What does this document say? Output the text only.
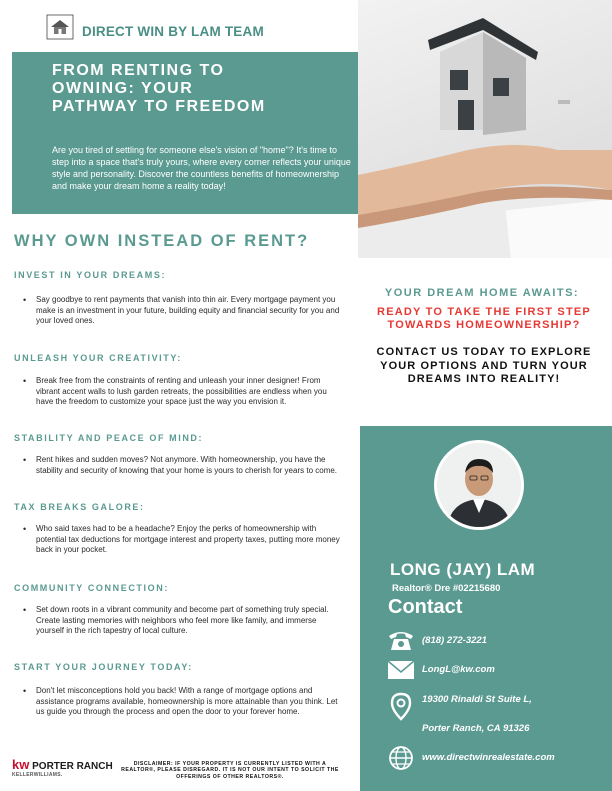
DIRECT WIN BY LAM TEAM
FROM RENTING TO OWNING: YOUR PATHWAY TO FREEDOM
Are you tired of settling for someone else's vision of "home"? It's time to step into a space that's truly yours, where every corner reflects your unique style and personality. Discover the countless benefits of homeownership and make your dream home a reality today!
WHY OWN INSTEAD OF RENT?
INVEST IN YOUR DREAMS:
• Say goodbye to rent payments that vanish into thin air. Every mortgage payment you make is an investment in your future, building equity and financial security for you and your loved ones.
UNLEASH YOUR CREATIVITY:
• Break free from the constraints of renting and unleash your inner designer! From vibrant accent walls to lush garden retreats, the possibilities are endless when you have the freedom to customize your space just the way you envision it.
STABILITY AND PEACE OF MIND:
• Rent hikes and sudden moves? Not anymore. With homeownership, you have the stability and security of knowing that your home is yours to cherish for years to come.
TAX BREAKS GALORE:
• Who said taxes had to be a headache? Enjoy the perks of homeownership with potential tax deductions for mortgage interest and property taxes, putting more money back in your pocket.
COMMUNITY CONNECTION:
• Set down roots in a vibrant community and become part of something truly special. Create lasting memories with neighbors who feel more like family, and immerse yourself in the rich tapestry of local culture.
START YOUR JOURNEY TODAY:
• Don't let misconceptions hold you back! With a range of mortgage options and assistance programs available, homeownership is more attainable than you think. Let us guide you through the process and open the door to your forever home.
YOUR DREAM HOME AWAITS:
READY TO TAKE THE FIRST STEP TOWARDS HOMEOWNERSHIP?
CONTACT US TODAY TO EXPLORE YOUR OPTIONS AND TURN YOUR DREAMS INTO REALITY!
LONG (JAY) LAM
Realtor® Dre #02215680
Contact
(818) 272-3221
LongL@kw.com
19300 Rinaldi St Suite L,
Porter Ranch, CA 91326
www.directwinrealestate.com
kw PORTER RANCH
KELLERWILLIAMS.
DISCLAIMER: IF YOUR PROPERTY IS CURRENTLY LISTED WITH A REALTOR®, PLEASE DISREGARD. IT IS NOT OUR INTENT TO SOLICIT THE OFFERINGS OF OTHER REALTORS®.
